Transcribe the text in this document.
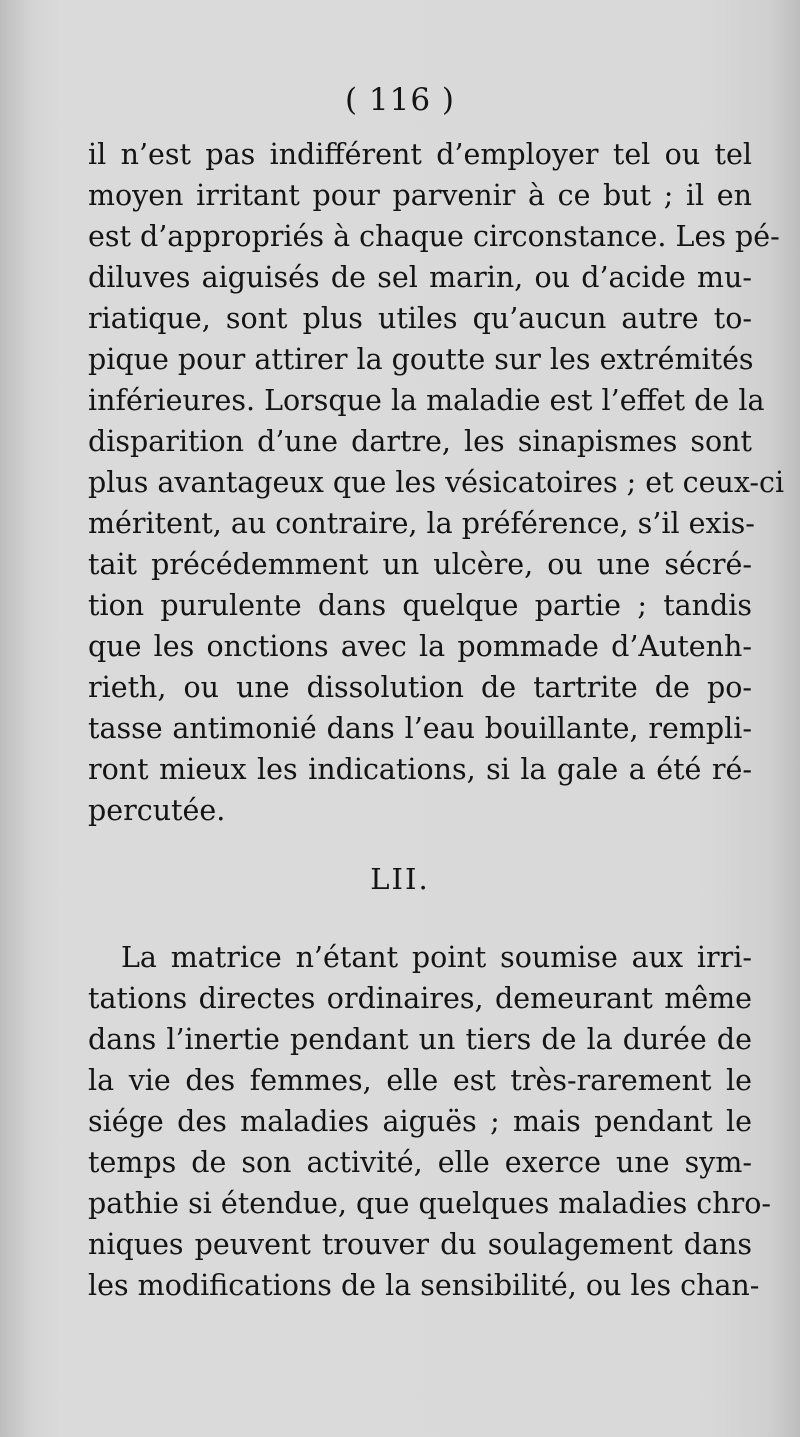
( 116 )
il n’est pas indifférent d’employer tel ou tel
moyen irritant pour parvenir à ce but ; il en
est d’appropriés à chaque circonstance. Les pé-
diluves aiguisés de sel marin, ou d’acide mu-
riatique, sont plus utiles qu’aucun autre to-
pique pour attirer la goutte sur les extrémités
inférieures. Lorsque la maladie est l’effet de la
disparition d’une dartre, les sinapismes sont
plus avantageux que les vésicatoires ; et ceux-ci
méritent, au contraire, la préférence, s’il exis-
tait précédemment un ulcère, ou une sécré-
tion purulente dans quelque partie ; tandis
que les onctions avec la pommade d’Autenh-
rieth, ou une dissolution de tartrite de po-
tasse antimonié dans l’eau bouillante, rempli-
ront mieux les indications, si la gale a été ré-
percutée.
LII.
La matrice n’étant point soumise aux irri-
tations directes ordinaires, demeurant même
dans l’inertie pendant un tiers de la durée de
la vie des femmes, elle est très-rarement le
siége des maladies aiguës ; mais pendant le
temps de son activité, elle exerce une sym-
pathie si étendue, que quelques maladies chro-
niques peuvent trouver du soulagement dans
les modifications de la sensibilité, ou les chan-
